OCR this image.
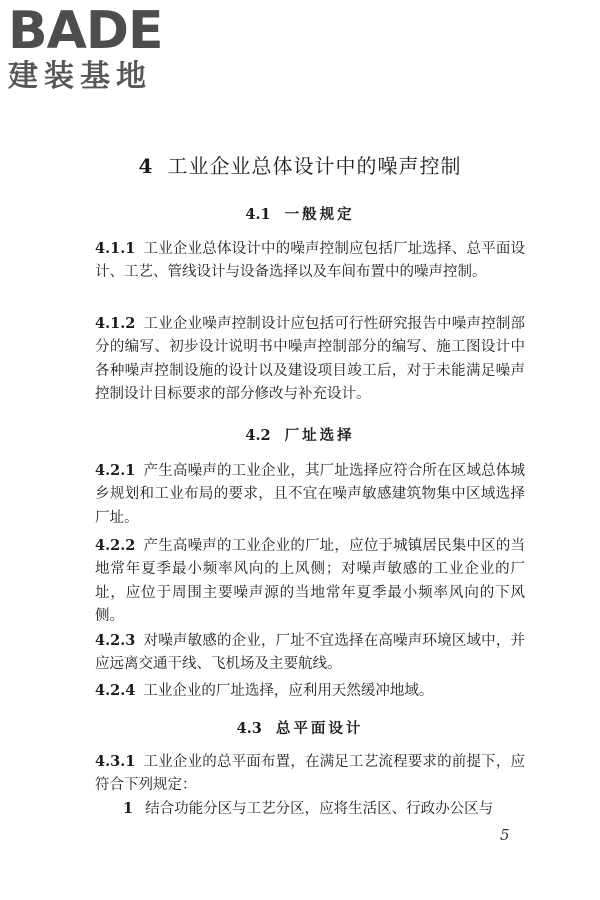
BADE
建装基地
4 工业企业总体设计中的噪声控制
4.1 一般规定
4.1.1 工业企业总体设计中的噪声控制应包括厂址选择、总平面设计、工艺、管线设计与设备选择以及车间布置中的噪声控制。
4.1.2 工业企业噪声控制设计应包括可行性研究报告中噪声控制部分的编写、初步设计说明书中噪声控制部分的编写、施工图设计中各种噪声控制设施的设计以及建设项目竣工后，对于未能满足噪声控制设计目标要求的部分修改与补充设计。
4.2 厂址选择
4.2.1 产生高噪声的工业企业，其厂址选择应符合所在区域总体城乡规划和工业布局的要求，且不宜在噪声敏感建筑物集中区域选择厂址。
4.2.2 产生高噪声的工业企业的厂址，应位于城镇居民集中区的当地常年夏季最小频率风向的上风侧；对噪声敏感的工业企业的厂址，应位于周围主要噪声源的当地常年夏季最小频率风向的下风侧。
4.2.3 对噪声敏感的企业，厂址不宜选择在高噪声环境区域中，并应远离交通干线、飞机场及主要航线。
4.2.4 工业企业的厂址选择，应利用天然缓冲地域。
4.3 总平面设计
4.3.1 工业企业的总平面布置，在满足工艺流程要求的前提下，应符合下列规定：
1 结合功能分区与工艺分区，应将生活区、行政办公区与
5
